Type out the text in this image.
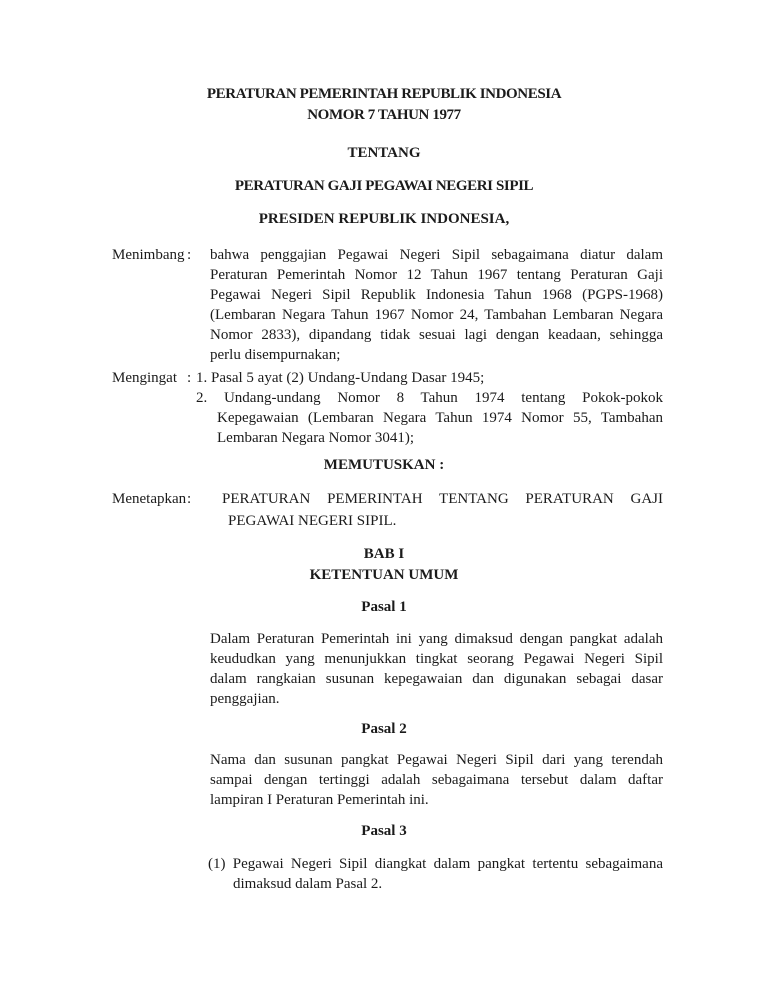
PERATURAN PEMERINTAH REPUBLIK INDONESIA
NOMOR 7 TAHUN 1977
TENTANG
PERATURAN GAJI PEGAWAI NEGERI SIPIL
PRESIDEN REPUBLIK INDONESIA,
Menimbang :	bahwa penggajian Pegawai Negeri Sipil sebagaimana diatur dalam
Peraturan Pemerintah Nomor 12 Tahun 1967 tentang Peraturan Gaji
Pegawai Negeri Sipil Republik Indonesia Tahun 1968 (PGPS-1968)
(Lembaran Negara Tahun 1967 Nomor 24, Tambahan Lembaran Negara
Nomor 2833), dipandang tidak sesuai lagi dengan keadaan, sehingga
perlu disempurnakan;
Mengingat : 1. Pasal 5 ayat (2) Undang-Undang Dasar 1945;
2. Undang-undang Nomor 8 Tahun 1974 tentang Pokok-pokok
Kepegawaian (Lembaran Negara Tahun 1974 Nomor 55, Tambahan
Lembaran Negara Nomor 3041);
MEMUTUSKAN :
Menetapkan :	PERATURAN PEMERINTAH TENTANG PERATURAN GAJI
PEGAWAI NEGERI SIPIL.
BAB I
KETENTUAN UMUM
Pasal 1
Dalam Peraturan Pemerintah ini yang dimaksud dengan pangkat adalah
keududkan yang menunjukkan tingkat seorang Pegawai Negeri Sipil
dalam rangkaian susunan kepegawaian dan digunakan sebagai dasar
penggajian.
Pasal 2
Nama dan susunan pangkat Pegawai Negeri Sipil dari yang terendah
sampai dengan tertinggi adalah sebagaimana tersebut dalam daftar
lampiran I Peraturan Pemerintah ini.
Pasal 3
(1) Pegawai Negeri Sipil diangkat dalam pangkat tertentu sebagaimana
dimaksud dalam Pasal 2.
